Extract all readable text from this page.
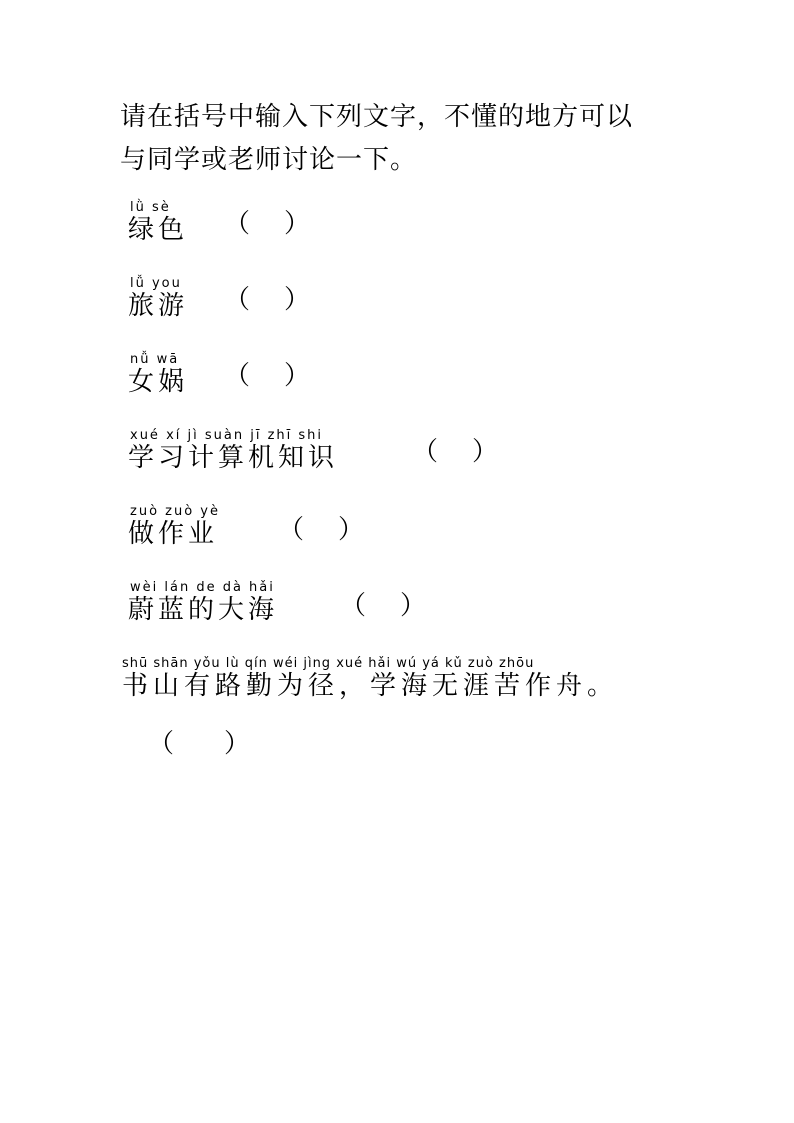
请在括号中输入下列文字，不懂的地方可以
与同学或老师讨论一下。
lǜ sè
绿色 （ ）
lǚ you
旅游 （ ）
nǚ wā
女娲 （ ）
xué xí jì suàn jī zhī shi
学习计算机知识	（ ）
zuò zuò yè
做作业 （ ）
wèi lán de dà hǎi
蔚蓝的大海 （ ）
shū shān yǒu lù qín wéi jìng xué hǎi wú yá kǔ zuò zhōu
书山有路勤为径，学海无涯苦作舟。
（ ）
